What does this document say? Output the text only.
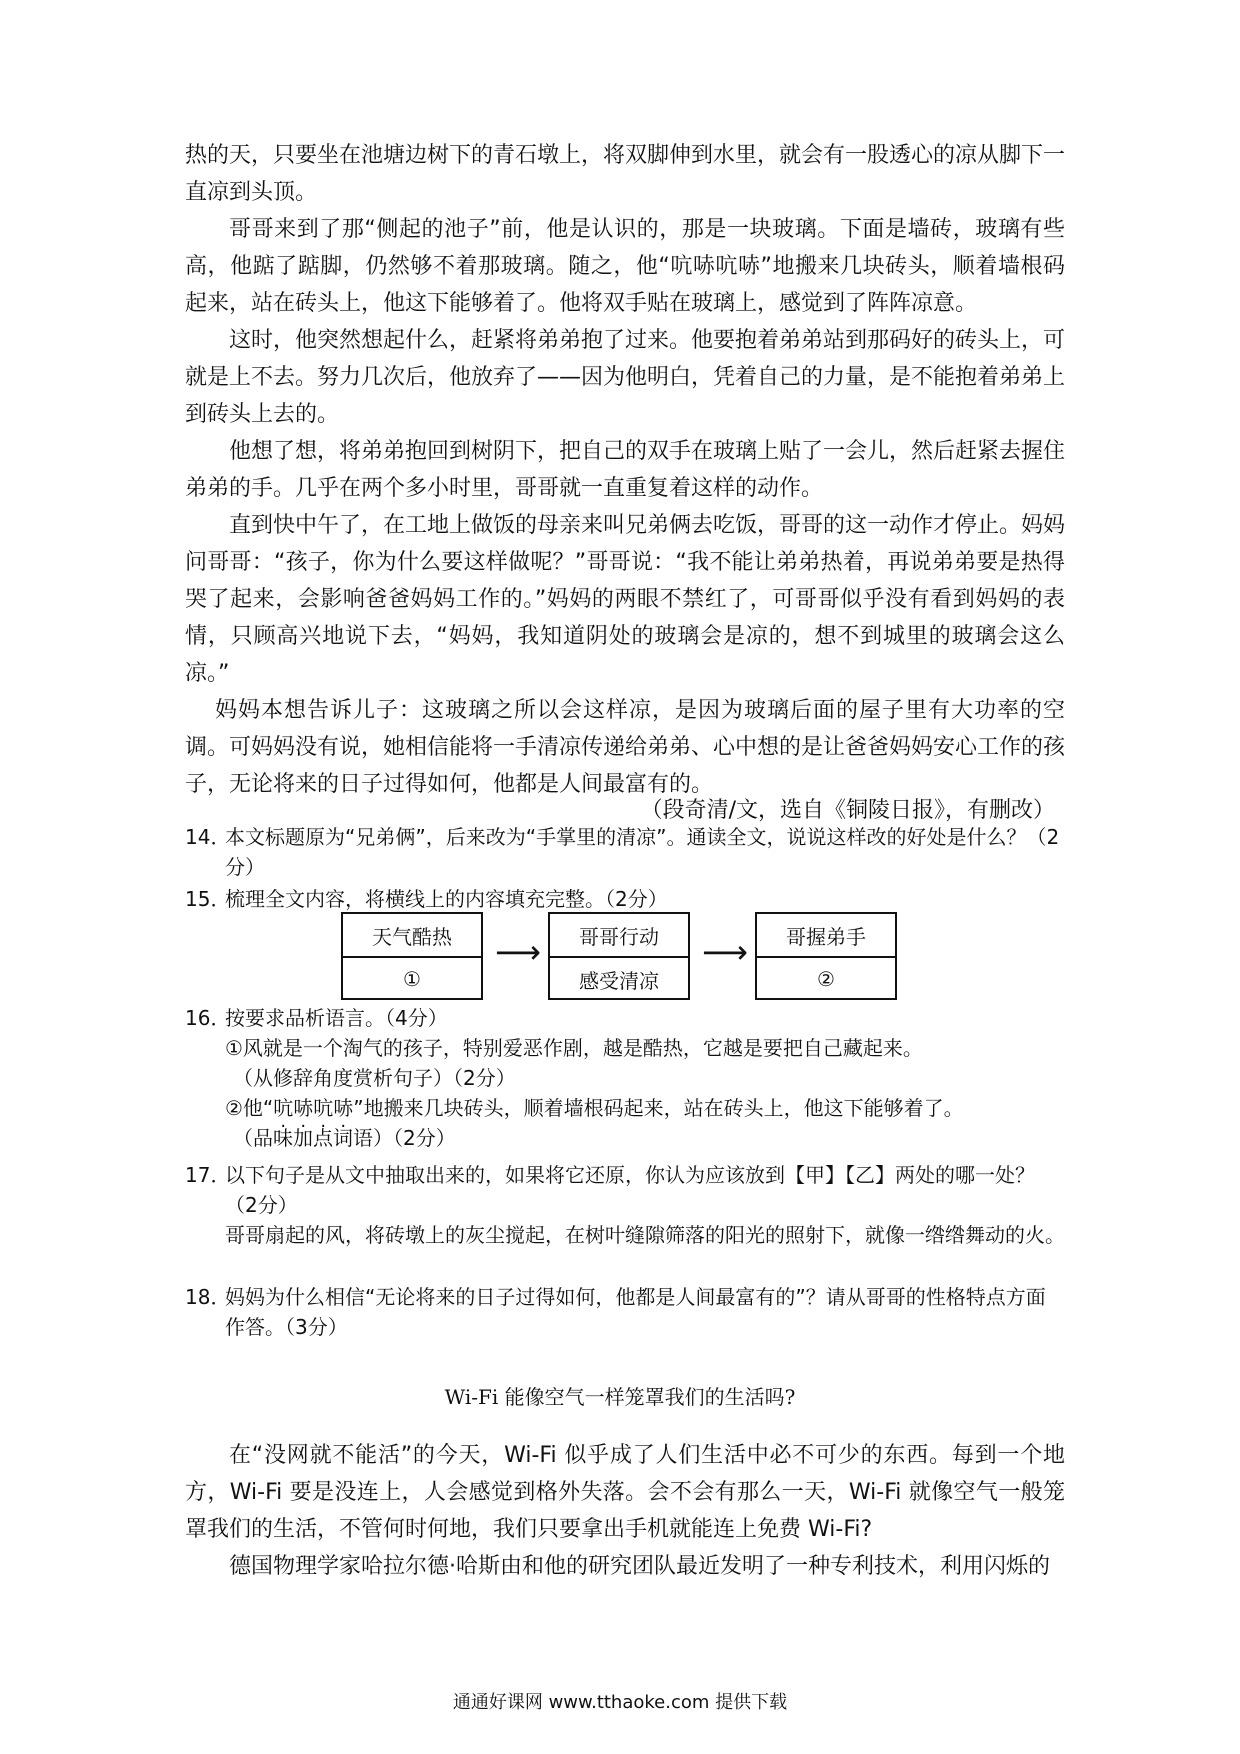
热的天，只要坐在池塘边树下的青石墩上，将双脚伸到水里，就会有一股透心的凉从脚下一直凉到头顶。

哥哥来到了那“侧起的池子”前，他是认识的，那是一块玻璃。下面是墙砖，玻璃有些高，他踮了踮脚，仍然够不着那玻璃。随之，他“吭哧吭哧”地搬来几块砖头，顺着墙根码起来，站在砖头上，他这下能够着了。他将双手贴在玻璃上，感觉到了阵阵凉意。

这时，他突然想起什么，赶紧将弟弟抱了过来。他要抱着弟弟站到那码好的砖头上，可就是上不去。努力几次后，他放弃了——因为他明白，凭着自己的力量，是不能抱着弟弟上到砖头上去的。

他想了想，将弟弟抱回到树阴下，把自己的双手在玻璃上贴了一会儿，然后赶紧去握住弟弟的手。几乎在两个多小时里，哥哥就一直重复着这样的动作。

直到快中午了，在工地上做饭的母亲来叫兄弟俩去吃饭，哥哥的这一动作才停止。妈妈问哥哥：“孩子，你为什么要这样做呢？”哥哥说：“我不能让弟弟热着，再说弟弟要是热得哭了起来，会影响爸爸妈妈工作的。”妈妈的两眼不禁红了，可哥哥似乎没有看到妈妈的表情，只顾高兴地说下去，“妈妈，我知道阴处的玻璃会是凉的，想不到城里的玻璃会这么凉。”

妈妈本想告诉儿子：这玻璃之所以会这样凉，是因为玻璃后面的屋子里有大功率的空调。可妈妈没有说，她相信能将一手清凉传递给弟弟、心中想的是让爸爸妈妈安心工作的孩子，无论将来的日子过得如何，他都是人间最富有的。

（段奇清/文，选自《铜陵日报》，有删改）
14．
本文标题原为“兄弟俩”，后来改为“手掌里的清凉”。通读全文，说说这样改的好处是什么？（2分）
15．
梳理全文内容，将横线上的内容填充完整。（2分）
天气酷热
①
⟶	哥哥行动
感受清凉
⟶	哥握弟手
②
16．
按要求品析语言。（4分）
①风就是一个淘气的孩子，特别爱恶作剧，越是酷热，它越是要把自己藏起来。
（从修辞角度赏析句子）（2分）
②他“吭哧吭哧”地搬来几块砖头，顺着墙根码起来，站在砖头上，他这下能够着了。
（品味加点词语）（2分）
17．
以下句子是从文中抽取出来的，如果将它还原，你认为应该放到【甲】【乙】两处的哪一处？（2分）
哥哥扇起的风，将砖墩上的灰尘搅起，在树叶缝隙筛落的阳光的照射下，就像一绺绺舞动的火。
18．
妈妈为什么相信“无论将来的日子过得如何，他都是人间最富有的”？请从哥哥的性格特点方面作答。（3分）
Wi-Fi 能像空气一样笼罩我们的生活吗?

在“没网就不能活”的今天，Wi-Fi 似乎成了人们生活中必不可少的东西。每到一个地方，Wi-Fi 要是没连上，人会感觉到格外失落。会不会有那么一天，Wi-Fi 就像空气一般笼罩我们的生活，不管何时何地，我们只要拿出手机就能连上免费 Wi-Fi?

德国物理学家哈拉尔德·哈斯由和他的研究团队最近发明了一种专利技术，利用闪烁的

通通好课网 www.tthaoke.com 提供下载
